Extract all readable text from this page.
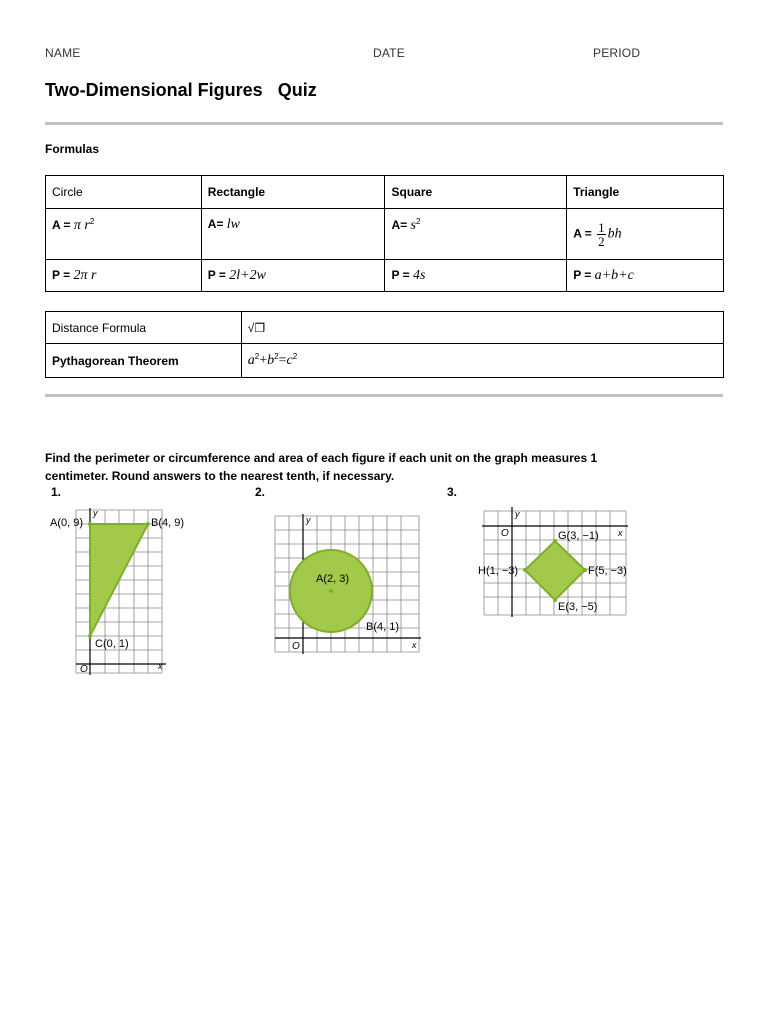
NAME	DATE	PERIOD
Two-Dimensional Figures Quiz
Formulas
Circle	Rectangle	Square	Triangle
A = π $r^2$	A= lw	$A= s^2$	$A = \frac{1}{2}$ bh
P = 2π r	P = 2l+2w	P = 4s	P = a+b+c
Distance Formula	√❐
Pythagorean Theorem	$a^2+b^2=c^2$
Find the perimeter or circumference and area of each figure if each unit on the graph measures 1 centimeter. Round answers to the nearest tenth, if necessary.
1.	2.	3.
y
x
O
A(0, 9)	B(4, 9)
C(0, 1)
y
x
O
A(2, 3)
B(4, 1)
y
x
O	G(3, −1)
H(1, −3)	F(5, −3)
E(3, −5)
